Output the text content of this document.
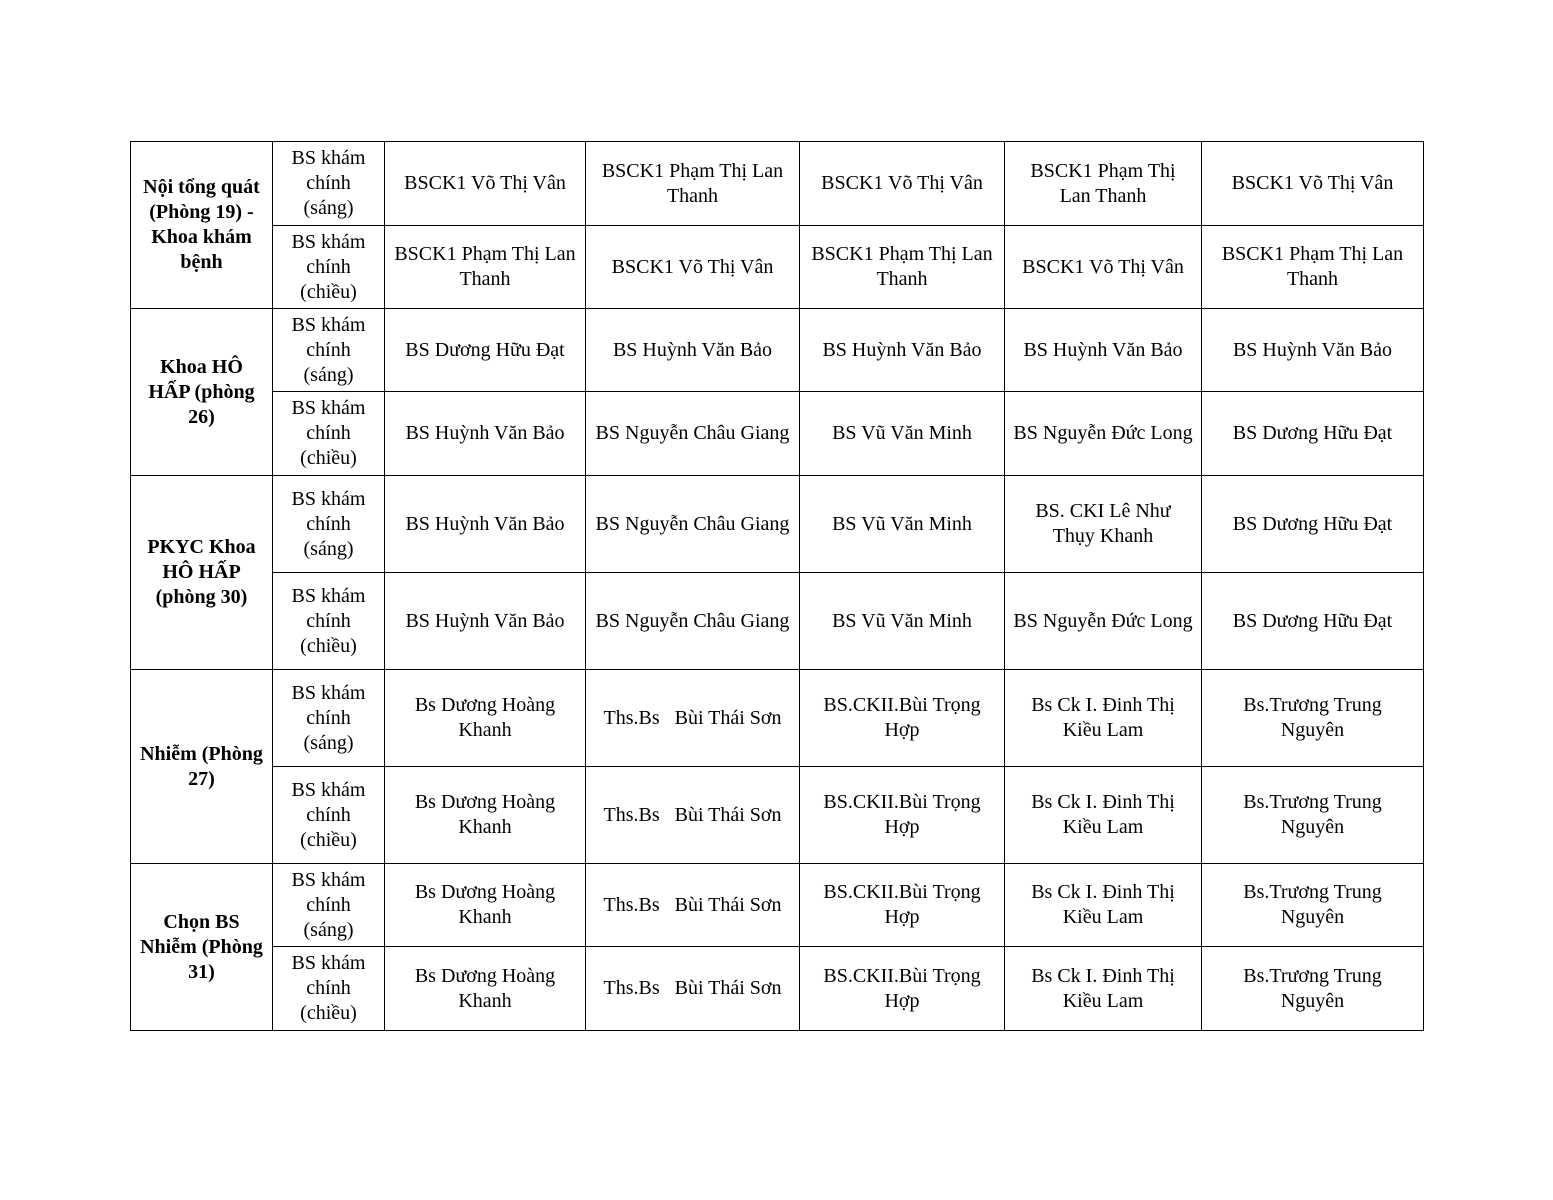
Nội tổng quát (Phòng 19) - Khoa khám bệnh	BS khám chính (sáng)	BSCK1 Võ Thị Vân	BSCK1 Phạm Thị Lan Thanh	BSCK1 Võ Thị Vân	BSCK1 Phạm Thị Lan Thanh	BSCK1 Võ Thị Vân
	BS khám chính (chiều)	BSCK1 Phạm Thị Lan Thanh	BSCK1 Võ Thị Vân	BSCK1 Phạm Thị Lan Thanh	BSCK1 Võ Thị Vân	BSCK1 Phạm Thị Lan Thanh
Khoa HÔ HẤP (phòng 26)	BS khám chính (sáng)	BS Dương Hữu Đạt	BS Huỳnh Văn Bảo	BS Huỳnh Văn Bảo	BS Huỳnh Văn Bảo	BS Huỳnh Văn Bảo
	BS khám chính (chiều)	BS Huỳnh Văn Bảo	BS Nguyễn Châu Giang	BS Vũ Văn Minh	BS Nguyễn Đức Long	BS Dương Hữu Đạt
PKYC Khoa HÔ HẤP (phòng 30)	BS khám chính (sáng)	BS Huỳnh Văn Bảo	BS Nguyễn Châu Giang	BS Vũ Văn Minh	BS. CKI Lê Như Thụy Khanh	BS Dương Hữu Đạt
	BS khám chính (chiều)	BS Huỳnh Văn Bảo	BS Nguyễn Châu Giang	BS Vũ Văn Minh	BS Nguyễn Đức Long	BS Dương Hữu Đạt
Nhiễm (Phòng 27)	BS khám chính (sáng)	Bs Dương Hoàng Khanh	Ths.Bs   Bùi Thái Sơn	BS.CKII.Bùi Trọng Hợp	Bs Ck I. Đinh Thị Kiều Lam	Bs.Trương Trung Nguyên
	BS khám chính (chiều)	Bs Dương Hoàng Khanh	Ths.Bs   Bùi Thái Sơn	BS.CKII.Bùi Trọng Hợp	Bs Ck I. Đinh Thị Kiều Lam	Bs.Trương Trung Nguyên
Chọn BS Nhiễm (Phòng 31)	BS khám chính (sáng)	Bs Dương Hoàng Khanh	Ths.Bs   Bùi Thái Sơn	BS.CKII.Bùi Trọng Hợp	Bs Ck I. Đinh Thị Kiều Lam	Bs.Trương Trung Nguyên
	BS khám chính (chiều)	Bs Dương Hoàng Khanh	Ths.Bs   Bùi Thái Sơn	BS.CKII.Bùi Trọng Hợp	Bs Ck I. Đinh Thị Kiều Lam	Bs.Trương Trung Nguyên
